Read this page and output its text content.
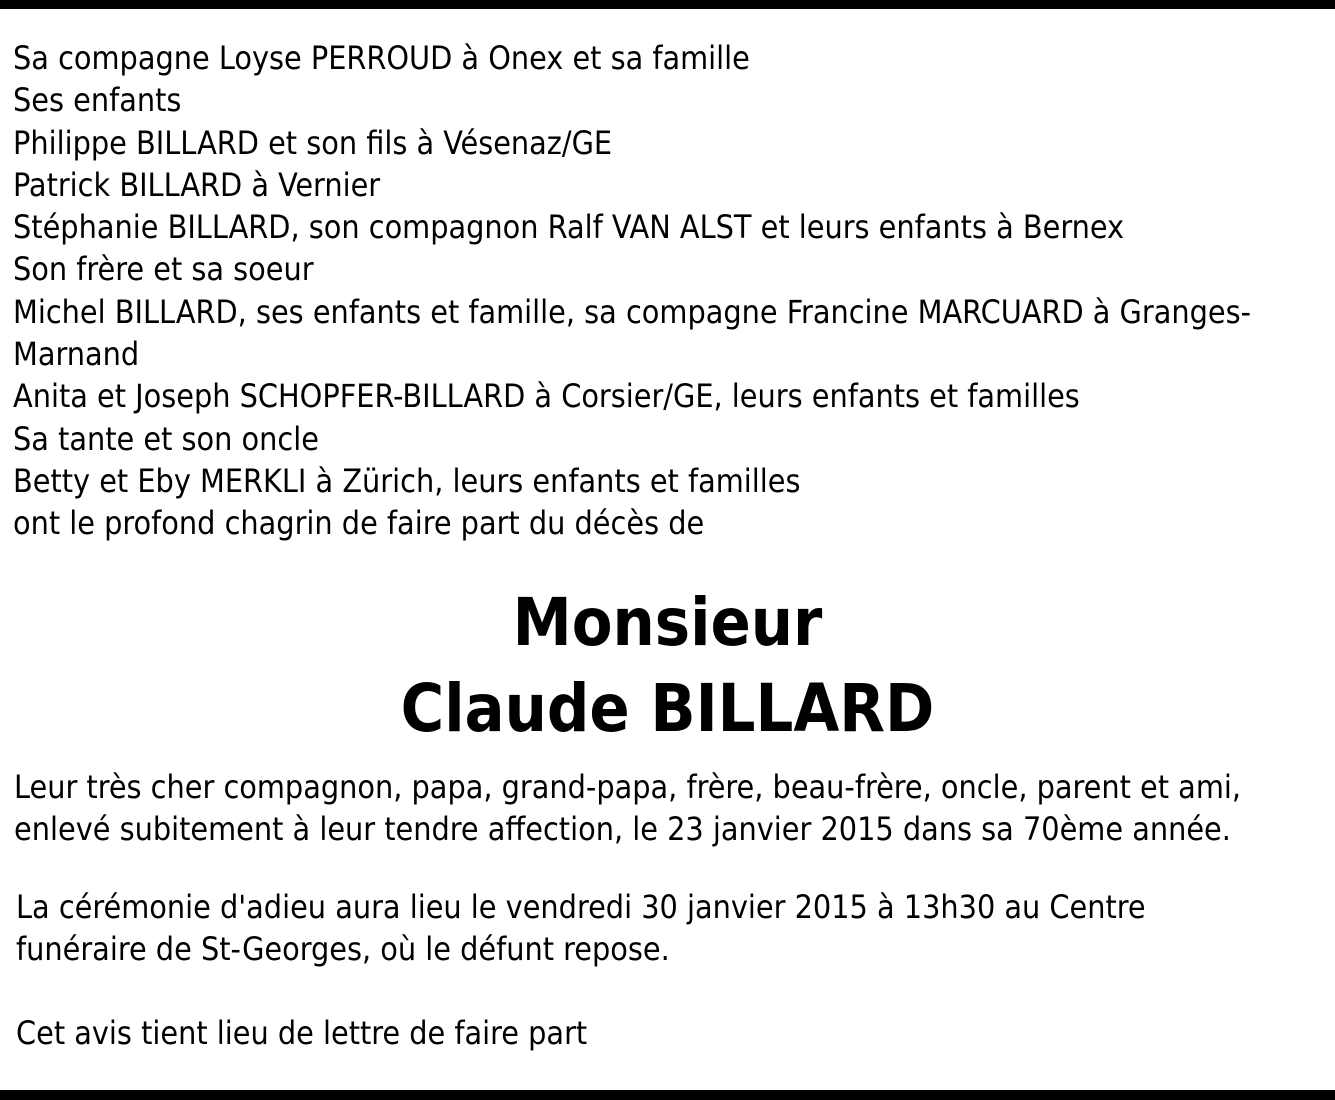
Sa compagne Loyse PERROUD à Onex et sa famille
Ses enfants
Philippe BILLARD et son fils à Vésenaz/GE
Patrick BILLARD à Vernier
Stéphanie BILLARD, son compagnon Ralf VAN ALST et leurs enfants à Bernex
Son frère et sa soeur
Michel BILLARD, ses enfants et famille, sa compagne Francine MARCUARD à Granges-
Marnand
Anita et Joseph SCHOPFER-BILLARD à Corsier/GE, leurs enfants et familles
Sa tante et son oncle
Betty et Eby MERKLI à Zürich, leurs enfants et familles
ont le profond chagrin de faire part du décès de
Monsieur
Claude BILLARD
Leur très cher compagnon, papa, grand-papa, frère, beau-frère, oncle, parent et ami,
enlevé subitement à leur tendre affection, le 23 janvier 2015 dans sa 70ème année.
La cérémonie d'adieu aura lieu le vendredi 30 janvier 2015 à 13h30 au Centre
funéraire de St-Georges, où le défunt repose.
Cet avis tient lieu de lettre de faire part
